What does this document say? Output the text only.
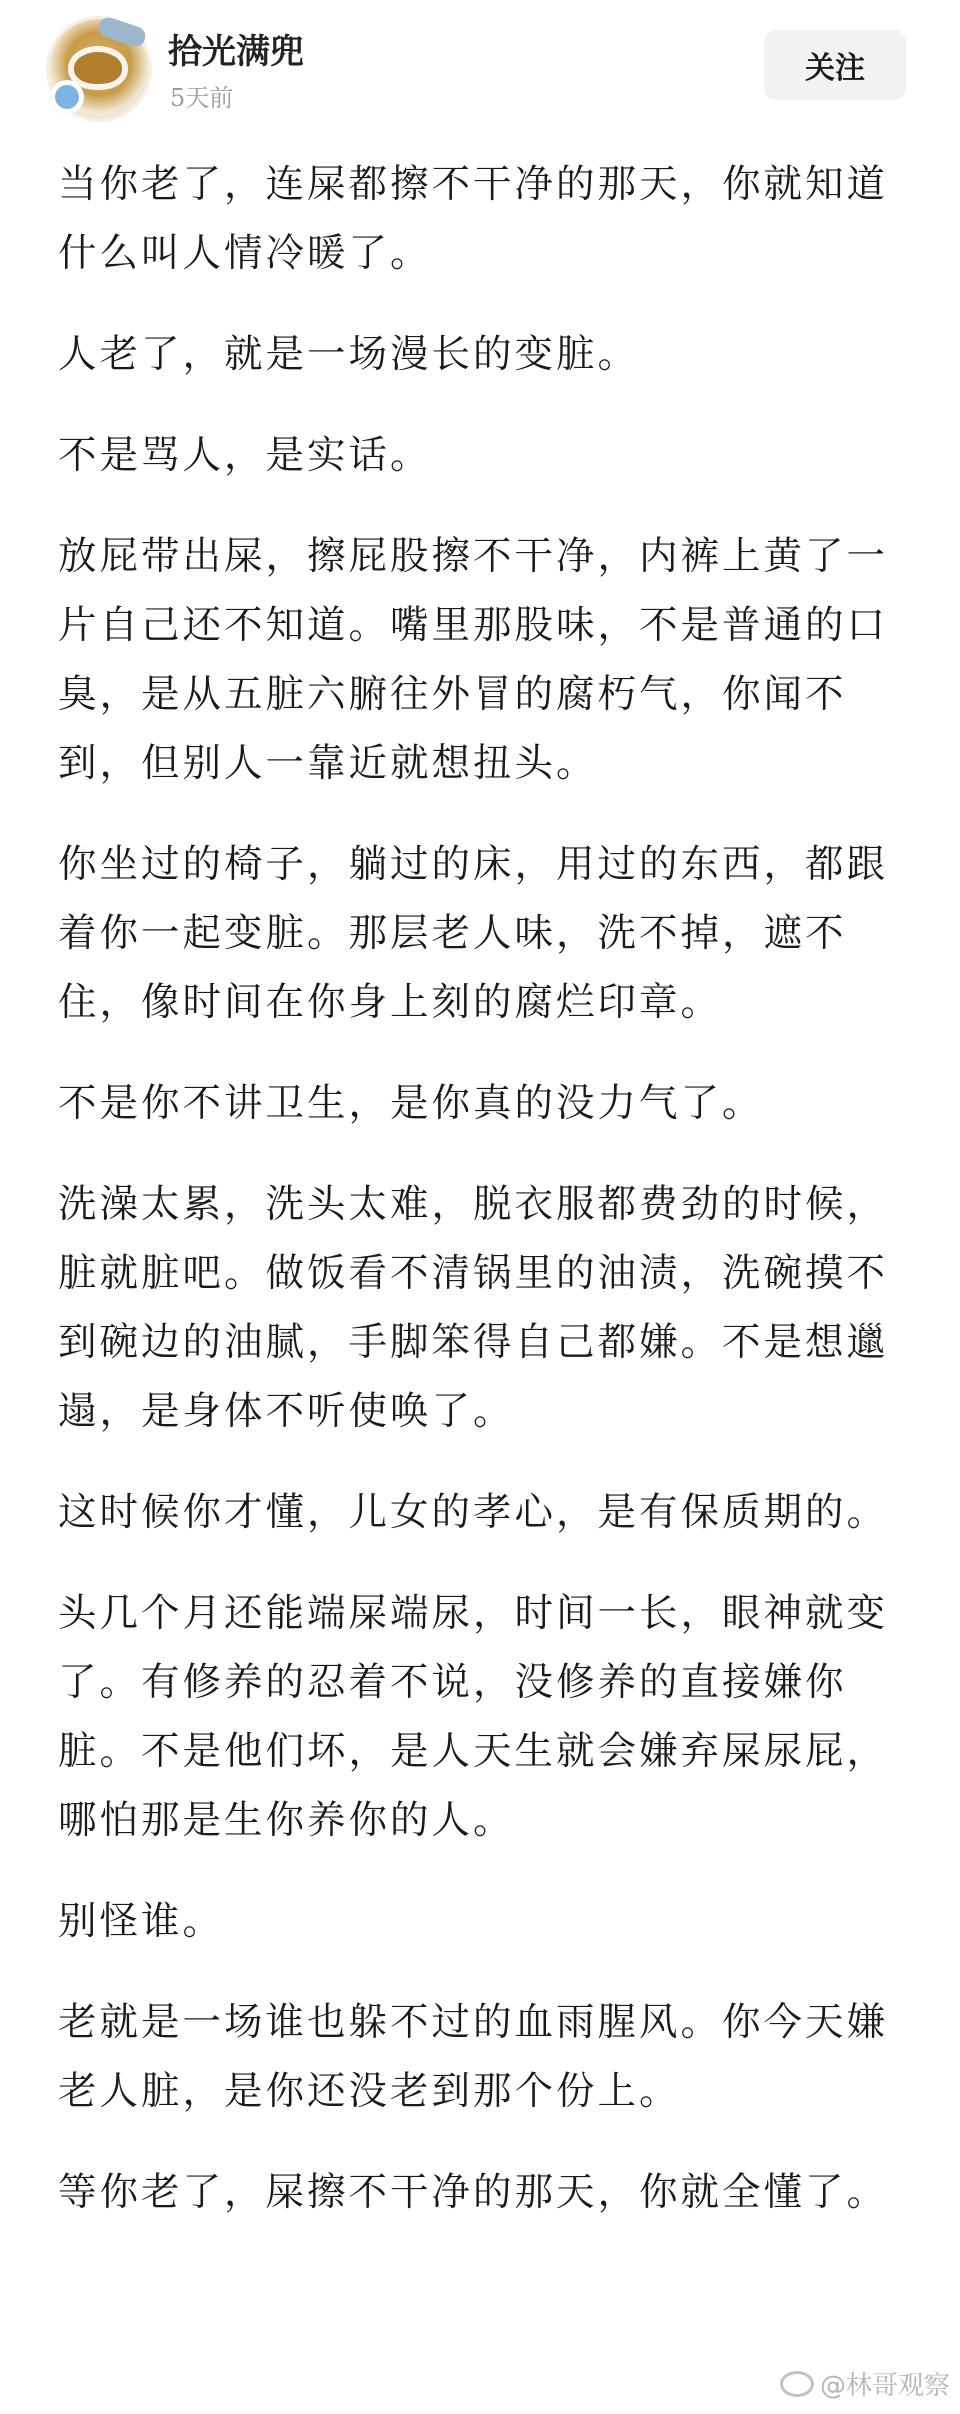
拾光满兜
5天前
关注

当你老了，连屎都擦不干净的那天，你就知道什么叫人情冷暖了。

人老了，就是一场漫长的变脏。

不是骂人，是实话。

放屁带出屎，擦屁股擦不干净，内裤上黄了一片自己还不知道。嘴里那股味，不是普通的口臭，是从五脏六腑往外冒的腐朽气，你闻不到，但别人一靠近就想扭头。

你坐过的椅子，躺过的床，用过的东西，都跟着你一起变脏。那层老人味，洗不掉，遮不住，像时间在你身上刻的腐烂印章。

不是你不讲卫生，是你真的没力气了。

洗澡太累，洗头太难，脱衣服都费劲的时候，脏就脏吧。做饭看不清锅里的油渍，洗碗摸不到碗边的油腻，手脚笨得自己都嫌。不是想邋遢，是身体不听使唤了。

这时候你才懂，儿女的孝心，是有保质期的。

头几个月还能端屎端尿，时间一长，眼神就变了。有修养的忍着不说，没修养的直接嫌你脏。不是他们坏，是人天生就会嫌弃屎尿屁，哪怕那是生你养你的人。

别怪谁。

老就是一场谁也躲不过的血雨腥风。你今天嫌老人脏，是你还没老到那个份上。

等你老了，屎擦不干净的那天，你就全懂了。

@林哥观察
